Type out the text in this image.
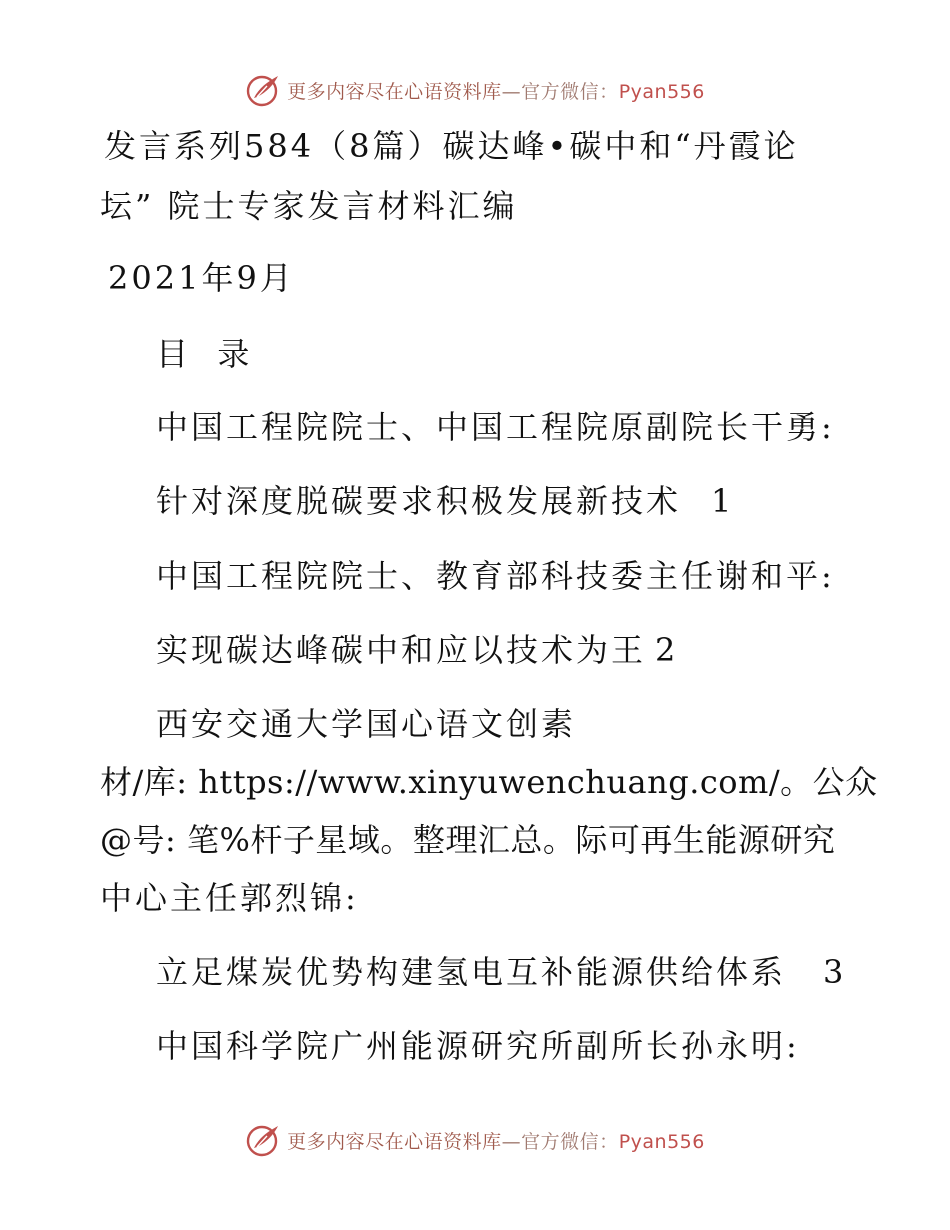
更多内容尽在心语资料库—官方微信：Pyan556
发言系列584（8篇）碳达峰•碳中和“丹霞论
坛” 院士专家发言材料汇编
2021年9月
目  录
中国工程院院士、中国工程院原副院长干勇:
针对深度脱碳要求积极发展新技术 1
中国工程院院士、教育部科技委主任谢和平:
实现碳达峰碳中和应以技术为王 2
西安交通大学国心语文创素
材/库: https://www.xinyuwenchuang.com/。公众
@号: 笔%杆子星域。整理汇总。际可再生能源研究
中心主任郭烈锦:
立足煤炭优势构建氢电互补能源供给体系 3
中国科学院广州能源研究所副所长孙永明:
更多内容尽在心语资料库—官方微信：Pyan556
